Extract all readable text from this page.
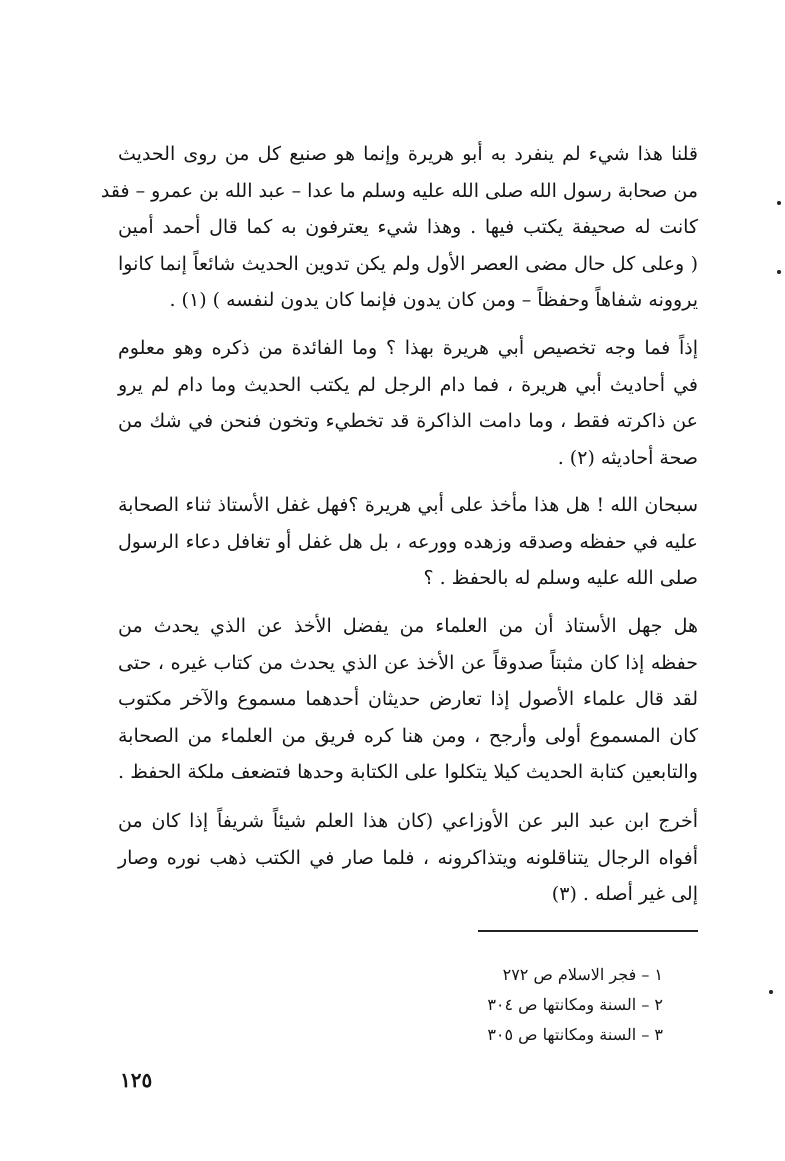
قلنا هذا شيء لم ينفرد به أبو هريرة وإنما هو صنيع كل من روى الحديث
من صحابة رسول الله صلى الله عليه وسلم ما عدا – عبد الله بن عمرو – فقد
كانت له صحيفة يكتب فيها . وهذا شيء يعترفون به كما قال أحمد أمين
( وعلى كل حال مضى العصر الأول ولم يكن تدوين الحديث شائعاً إنما كانوا
يروونه شفاهاً وحفظاً – ومن كان يدون فإنما كان يدون لنفسه ) (١) .
إذاً فما وجه تخصيص أبي هريرة بهذا ؟ وما الفائدة من ذكره وهو معلوم
في أحاديث أبي هريرة ، فما دام الرجل لم يكتب الحديث وما دام لم يرو
عن ذاكرته فقط ، وما دامت الذاكرة قد تخطيء وتخون فنحن في شك من
صحة أحاديثه (٢) .
سبحان الله ! هل هذا مأخذ على أبي هريرة ؟فهل غفل الأستاذ ثناء الصحابة
عليه في حفظه وصدقه وزهده وورعه ، بل هل غفل أو تغافل دعاء الرسول
صلى الله عليه وسلم له بالحفظ . ؟
هل جهل الأستاذ أن من العلماء من يفضل الأخذ عن الذي يحدث من
حفظه إذا كان مثبتاً صدوقاً عن الأخذ عن الذي يحدث من كتاب غيره ، حتى
لقد قال علماء الأصول إذا تعارض حديثان أحدهما مسموع والآخر مكتوب
كان المسموع أولى وأرجح ، ومن هنا كره فريق من العلماء من الصحابة
والتابعين كتابة الحديث كيلا يتكلوا على الكتابة وحدها فتضعف ملكة الحفظ .
أخرج ابن عبد البر عن الأوزاعي (كان هذا العلم شيئاً شريفاً إذا كان من
أفواه الرجال يتناقلونه ويتذاكرونه ، فلما صار في الكتب ذهب نوره وصار
إلى غير أصله . (٣)
١ – فجر الاسلام ص ٢٧٢
٢ – السنة ومكانتها ص ٣٠٤
٣ – السنة ومكانتها ص ٣٠٥
١٢٥
